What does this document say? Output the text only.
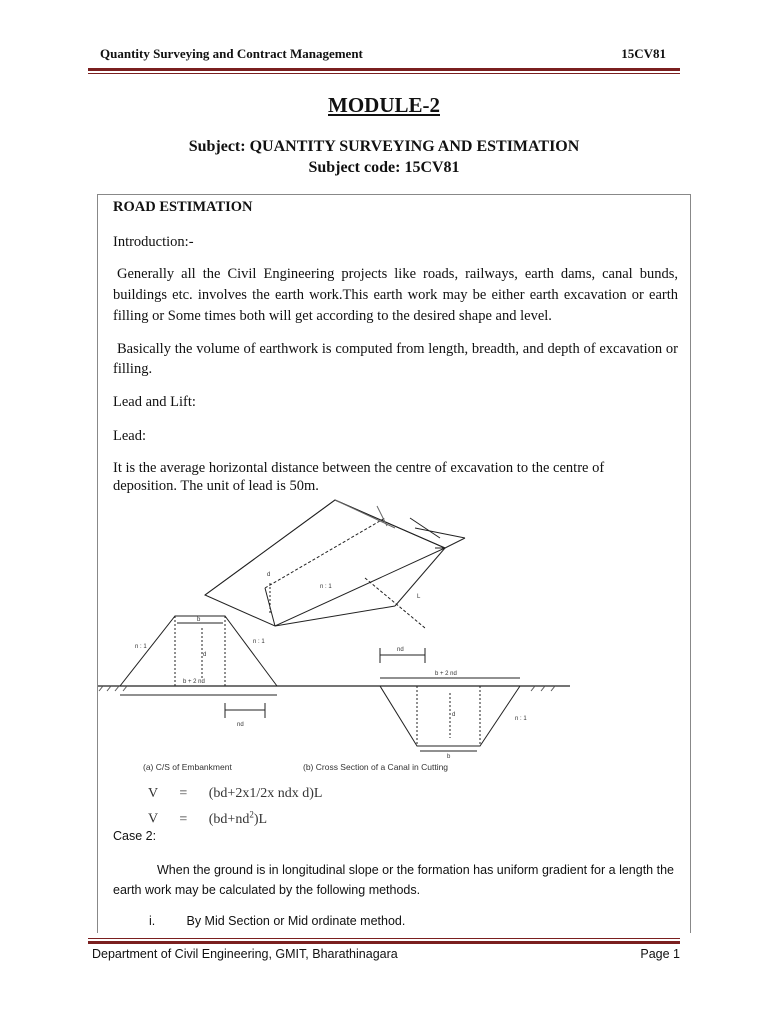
Quantity Surveying and Contract Management	15CV81
MODULE-2
Subject: QUANTITY SURVEYING AND ESTIMATION
Subject code: 15CV81
ROAD ESTIMATION
Introduction:-
Generally all the Civil Engineering projects like roads, railways, earth dams, canal bunds, buildings etc. involves the earth work.This earth work may be either earth excavation or earth filling or Some times both will get according to the desired shape and level.
Basically the volume of earthwork is computed from length, breadth, and depth of excavation or filling.
Lead and Lift:
Lead:
It is the average horizontal distance between the centre of excavation to the centre of deposition. The unit of lead is 50m.
b + 2 nd
nd
d
b
n : 1
n : 1
b + 2 nd
nd
d
b
n : 1
n : 1
d
L
(a) C/S of Embankment	(b) Cross Section of a Canal in Cutting
V = (bd+2x1/2x ndx d)L
$V = (bd+nd^2)L$
Case 2:
When the ground is in longitudinal slope or the formation has uniform gradient for a length the earth work may be calculated by the following methods.
i. By Mid Section or Mid ordinate method.
Department of Civil Engineering, GMIT, Bharathinagara	Page 1
